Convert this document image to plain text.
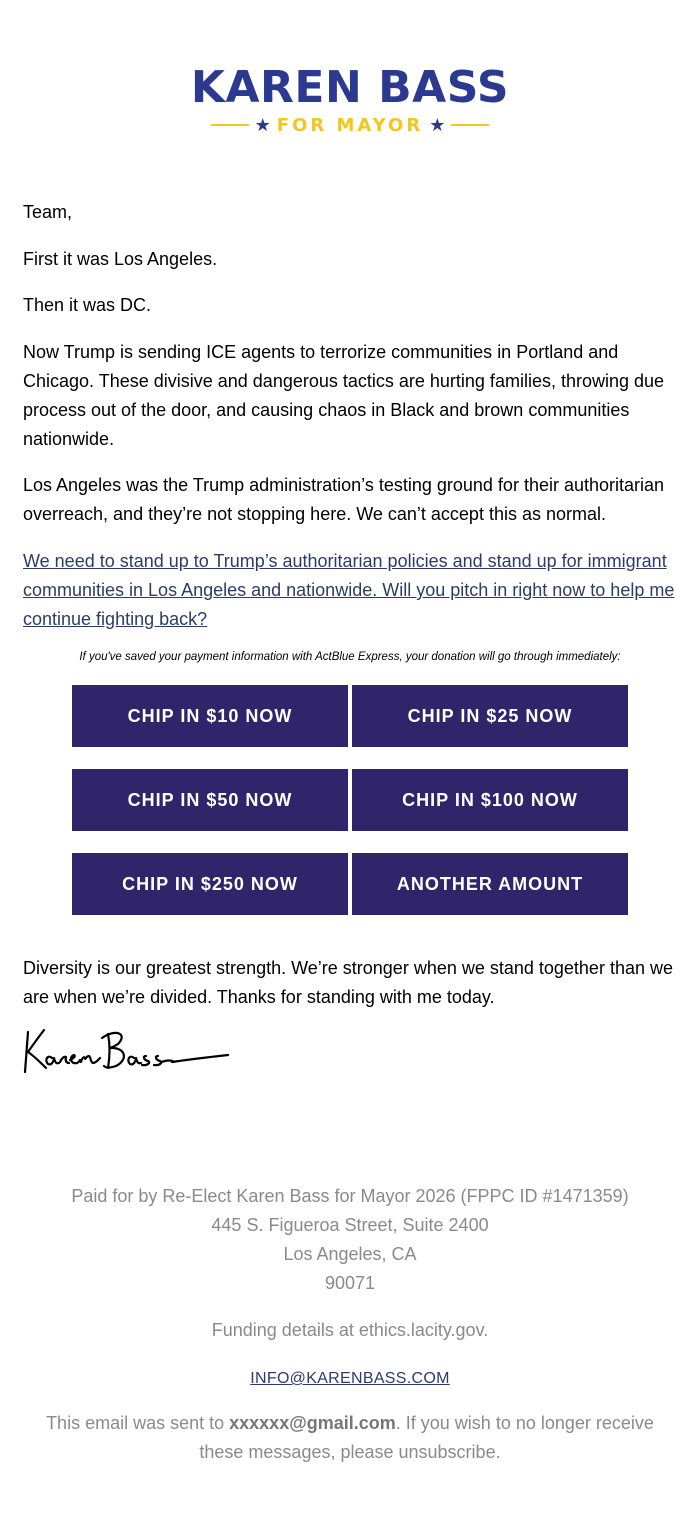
KAREN BASS
★ FOR MAYOR ★

Team,

First it was Los Angeles.

Then it was DC.

Now Trump is sending ICE agents to terrorize communities in Portland and Chicago. These divisive and dangerous tactics are hurting families, throwing due process out of the door, and causing chaos in Black and brown communities nationwide.

Los Angeles was the Trump administration’s testing ground for their authoritarian overreach, and they’re not stopping here. We can’t accept this as normal.

We need to stand up to Trump’s authoritarian policies and stand up for immigrant communities in Los Angeles and nationwide. Will you pitch in right now to help me continue fighting back?
If you've saved your payment information with ActBlue Express, your donation will go through immediately:
CHIP IN $10 NOW	CHIP IN $25 NOW
CHIP IN $50 NOW	CHIP IN $100 NOW
CHIP IN $250 NOW	ANOTHER AMOUNT

Diversity is our greatest strength. We’re stronger when we stand together than we are when we’re divided. Thanks for standing with me today.

Paid for by Re-Elect Karen Bass for Mayor 2026 (FPPC ID #1471359)
445 S. Figueroa Street, Suite 2400
Los Angeles, CA
90071
Funding details at ethics.lacity.gov.
INFO@KARENBASS.COM
This email was sent to xxxxxx@gmail.com. If you wish to no longer receive these messages, please unsubscribe.
